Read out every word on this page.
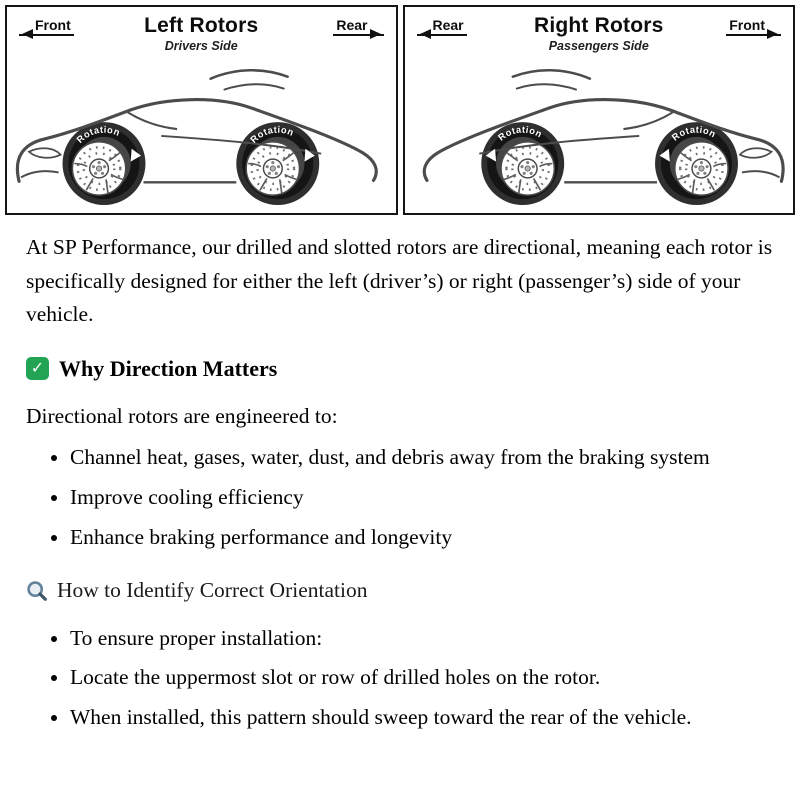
Front	Left Rotors
Drivers Side
Rear
Rotation
Rotation
Rear	Right Rotors
Passengers Side
Front
Rotation	Rotation

At SP Performance, our drilled and slotted rotors are directional, meaning each rotor is specifically designed for either the left (driver’s) or right (passenger’s) side of your vehicle.

✓ Why Direction Matters

Directional rotors are engineered to:

• Channel heat, gases, water, dust, and debris away from the braking system
• Improve cooling efficiency
• Enhance braking performance and longevity
How to Identify Correct Orientation
• To ensure proper installation:
• Locate the uppermost slot or row of drilled holes on the rotor.
• When installed, this pattern should sweep toward the rear of the vehicle.
